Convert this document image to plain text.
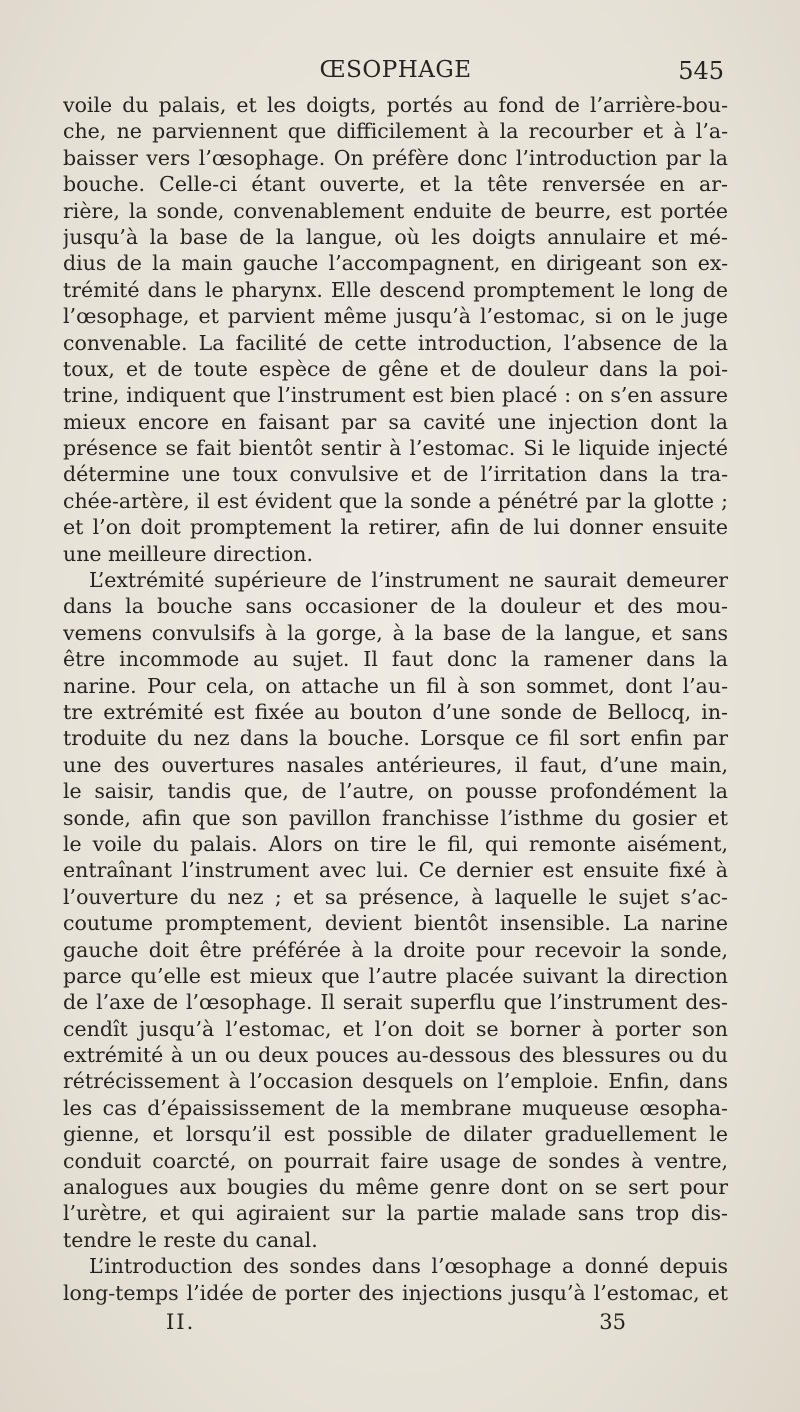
ŒSOPHAGE	545
voile du palais, et les doigts, portés au fond de l’arrière-bou-
che, ne parviennent que difficilement à la recourber et à l’a-
baisser vers l’œsophage. On préfère donc l’introduction par la
bouche. Celle-ci étant ouverte, et la tête renversée en ar-
rière, la sonde, convenablement enduite de beurre, est portée
jusqu’à la base de la langue, où les doigts annulaire et mé-
dius de la main gauche l’accompagnent, en dirigeant son ex-
trémité dans le pharynx. Elle descend promptement le long de
l’œsophage, et parvient même jusqu’à l’estomac, si on le juge
convenable. La facilité de cette introduction, l’absence de la
toux, et de toute espèce de gêne et de douleur dans la poi-
trine, indiquent que l’instrument est bien placé : on s’en assure
mieux encore en faisant par sa cavité une injection dont la
présence se fait bientôt sentir à l’estomac. Si le liquide injecté
détermine une toux convulsive et de l’irritation dans la tra-
chée-artère, il est évident que la sonde a pénétré par la glotte ;
et l’on doit promptement la retirer, afin de lui donner ensuite
une meilleure direction.
L’extrémité supérieure de l’instrument ne saurait demeurer
dans la bouche sans occasioner de la douleur et des mou-
vemens convulsifs à la gorge, à la base de la langue, et sans
être incommode au sujet. Il faut donc la ramener dans la
narine. Pour cela, on attache un fil à son sommet, dont l’au-
tre extrémité est fixée au bouton d’une sonde de Bellocq, in-
troduite du nez dans la bouche. Lorsque ce fil sort enfin par
une des ouvertures nasales antérieures, il faut, d’une main,
le saisir, tandis que, de l’autre, on pousse profondément la
sonde, afin que son pavillon franchisse l’isthme du gosier et
le voile du palais. Alors on tire le fil, qui remonte aisément,
entraînant l’instrument avec lui. Ce dernier est ensuite fixé à
l’ouverture du nez ; et sa présence, à laquelle le sujet s’ac-
coutume promptement, devient bientôt insensible. La narine
gauche doit être préférée à la droite pour recevoir la sonde,
parce qu’elle est mieux que l’autre placée suivant la direction
de l’axe de l’œsophage. Il serait superflu que l’instrument des-
cendît jusqu’à l’estomac, et l’on doit se borner à porter son
extrémité à un ou deux pouces au-dessous des blessures ou du
rétrécissement à l’occasion desquels on l’emploie. Enfin, dans
les cas d’épaississement de la membrane muqueuse œsopha-
gienne, et lorsqu’il est possible de dilater graduellement le
conduit coarcté, on pourrait faire usage de sondes à ventre,
analogues aux bougies du même genre dont on se sert pour
l’urètre, et qui agiraient sur la partie malade sans trop dis-
tendre le reste du canal.
L’introduction des sondes dans l’œsophage a donné depuis
long-temps l’idée de porter des injections jusqu’à l’estomac, et
II.	35
